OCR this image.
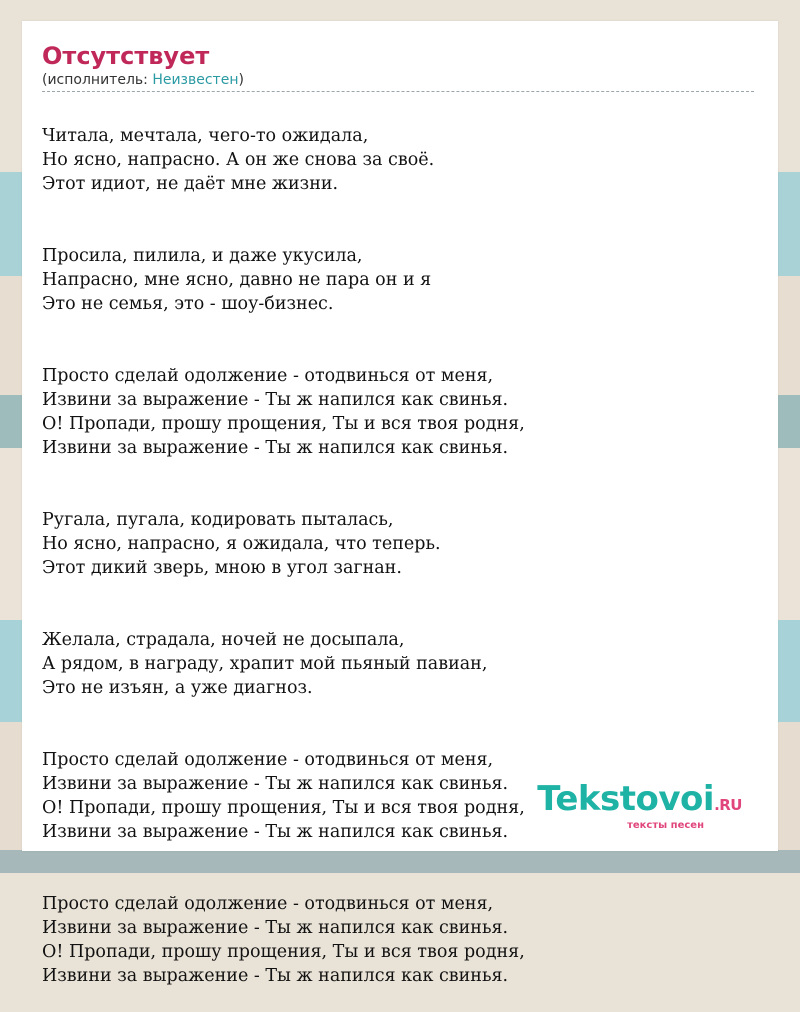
Отсутствует
(исполнитель: Неизвестен)

Читала, мечтала, чего-то ожидала,
Но ясно, напрасно. А он же снова за своё.
Этот идиот, не даёт мне жизни.

Просила, пилила, и даже укусила,
Напрасно, мне ясно, давно не пара он и я
Это не семья, это - шоу-бизнес.

Просто сделай одолжение - отодвинься от меня,
Извини за выражение - Ты ж напился как свинья.
О! Пропади, прошу прощения, Ты и вся твоя родня,
Извини за выражение - Ты ж напился как свинья.

Ругала, пугала, кодировать пыталась,
Но ясно, напрасно, я ожидала, что теперь.
Этот дикий зверь, мною в угол загнан.

Желала, страдала, ночей не досыпала,
А рядом, в награду, храпит мой пьяный павиан,
Это не изъян, а уже диагноз.

Просто сделай одолжение - отодвинься от меня,
Извини за выражение - Ты ж напился как свинья.
О! Пропади, прошу прощения, Ты и вся твоя родня,
Извини за выражение - Ты ж напился как свинья.

Просто сделай одолжение - отодвинься от меня,
Извини за выражение - Ты ж напился как свинья.
О! Пропади, прошу прощения, Ты и вся твоя родня,
Извини за выражение - Ты ж напился как свинья.

Tekstovoi.RU
тексты песен
